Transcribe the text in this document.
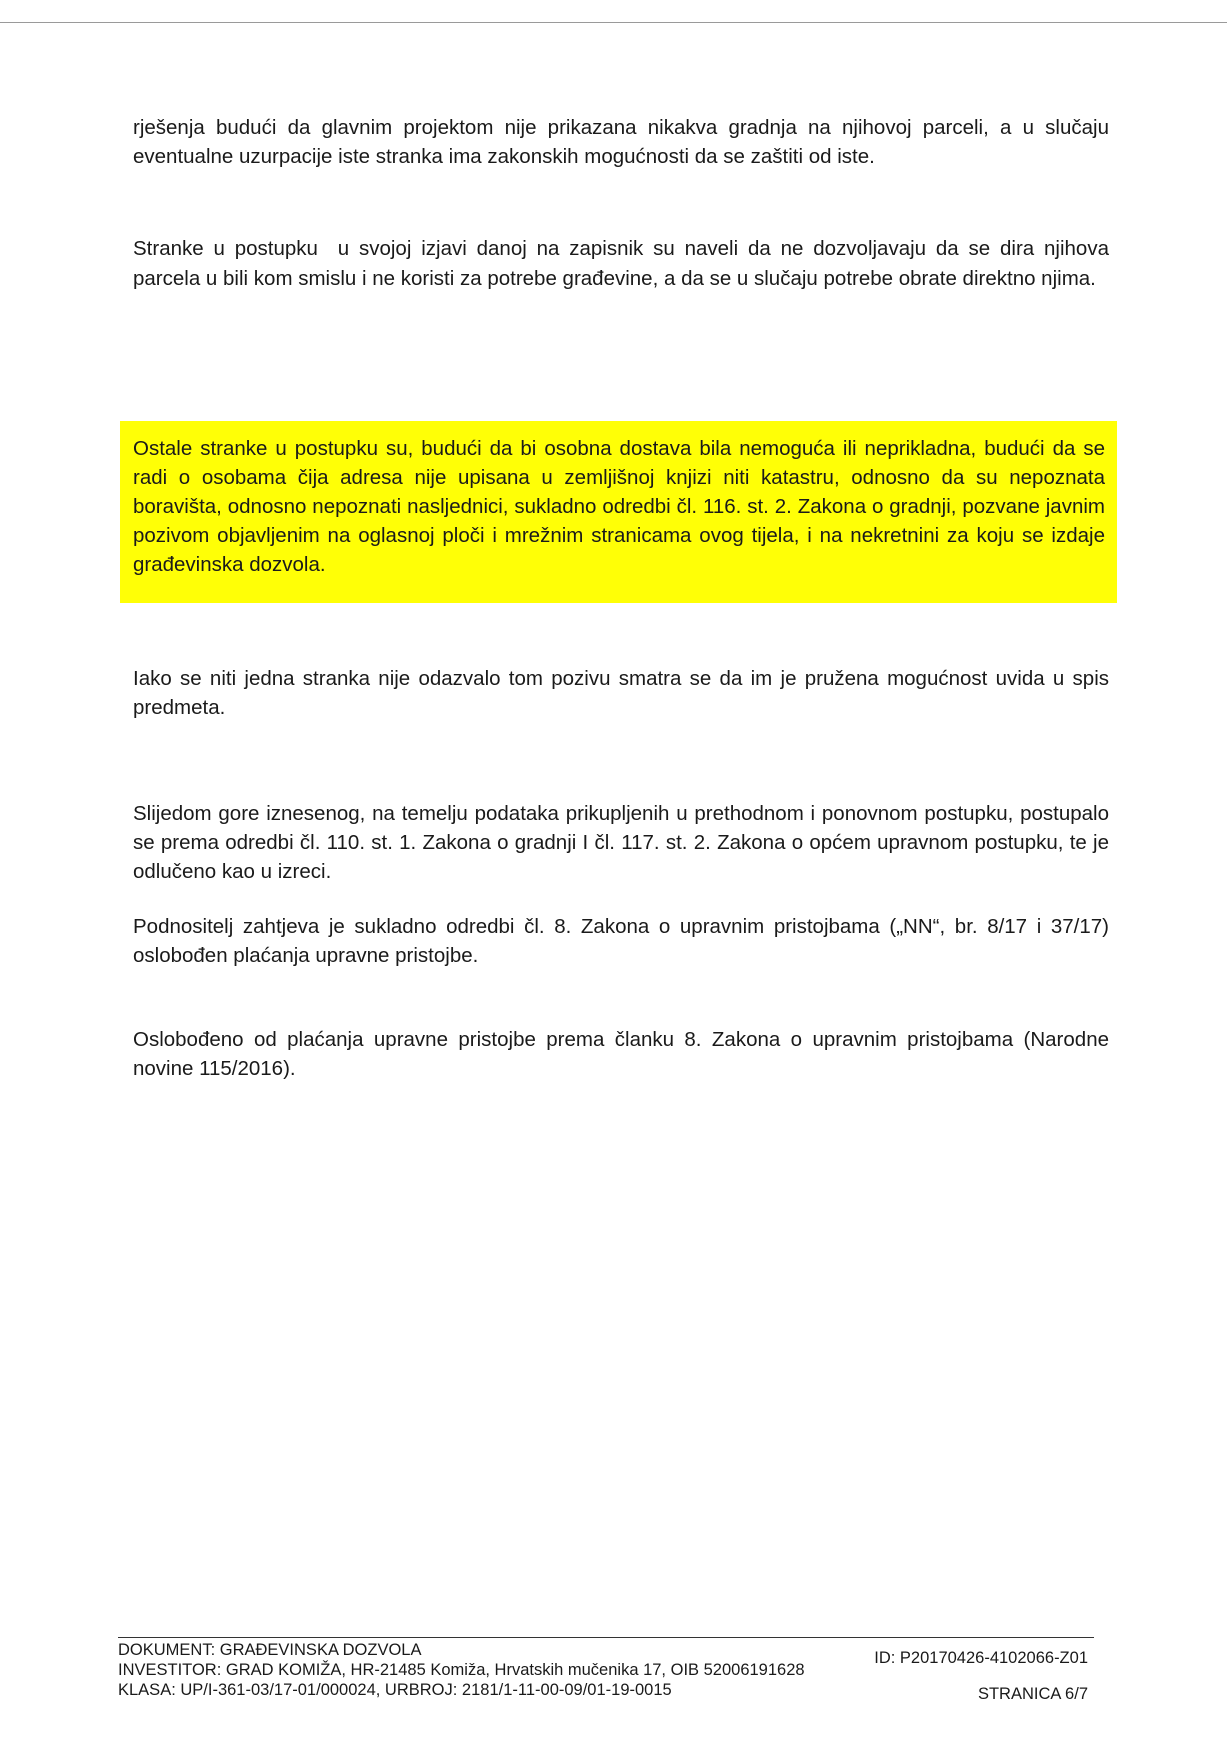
rješenja budući da glavnim projektom nije prikazana nikakva gradnja na njihovoj parceli, a u slučaju eventualne uzurpacije iste stranka ima zakonskih mogućnosti da se zaštiti od iste.

Stranke u postupku u svojoj izjavi danoj na zapisnik su naveli da ne dozvoljavaju da se dira njihova parcela u bili kom smislu i ne koristi za potrebe građevine, a da se u slučaju potrebe obrate direktno njima.

Ostale stranke u postupku su, budući da bi osobna dostava bila nemoguća ili neprikladna, budući da se radi o osobama čija adresa nije upisana u zemljišnoj knjizi niti katastru, odnosno da su nepoznata boravišta, odnosno nepoznati nasljednici, sukladno odredbi čl. 116. st. 2. Zakona o gradnji, pozvane javnim pozivom objavljenim na oglasnoj ploči i mrežnim stranicama ovog tijela, i na nekretnini za koju se izdaje građevinska dozvola.

Iako se niti jedna stranka nije odazvalo tom pozivu smatra se da im je pružena mogućnost uvida u spis predmeta.

Slijedom gore iznesenog, na temelju podataka prikupljenih u prethodnom i ponovnom postupku, postupalo se prema odredbi čl. 110. st. 1. Zakona o gradnji I čl. 117. st. 2. Zakona o općem upravnom postupku, te je odlučeno kao u izreci.

Podnositelj zahtjeva je sukladno odredbi čl. 8. Zakona o upravnim pristojbama („NN“, br. 8/17 i 37/17) oslobođen plaćanja upravne pristojbe.

Oslobođeno od plaćanja upravne pristojbe prema članku 8. Zakona o upravnim pristojbama (Narodne novine 115/2016).

DOKUMENT: GRAĐEVINSKA DOZVOLA
INVESTITOR: GRAD KOMIŽA, HR-21485 Komiža, Hrvatskih mučenika 17, OIB 52006191628
KLASA: UP/I-361-03/17-01/000024, URBROJ: 2181/1-11-00-09/01-19-0015
ID: P20170426-4102066-Z01
STRANICA 6/7
